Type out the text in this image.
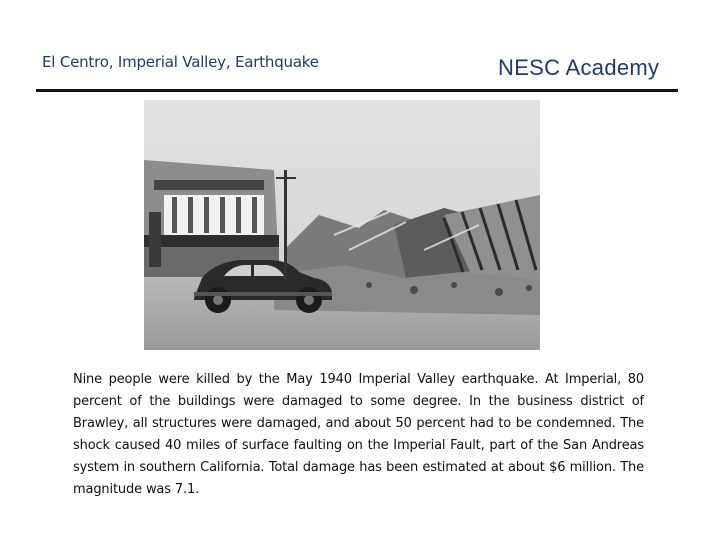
El Centro, Imperial Valley, Earthquake	NESC Academy
Nine people were killed by the May 1940 Imperial Valley earthquake. At Imperial, 80 percent of the buildings were damaged to some degree. In the business district of Brawley, all structures were damaged, and about 50 percent had to be condemned. The shock caused 40 miles of surface faulting on the Imperial Fault, part of the San Andreas system in southern California. Total damage has been estimated at about $6 million. The magnitude was 7.1.
